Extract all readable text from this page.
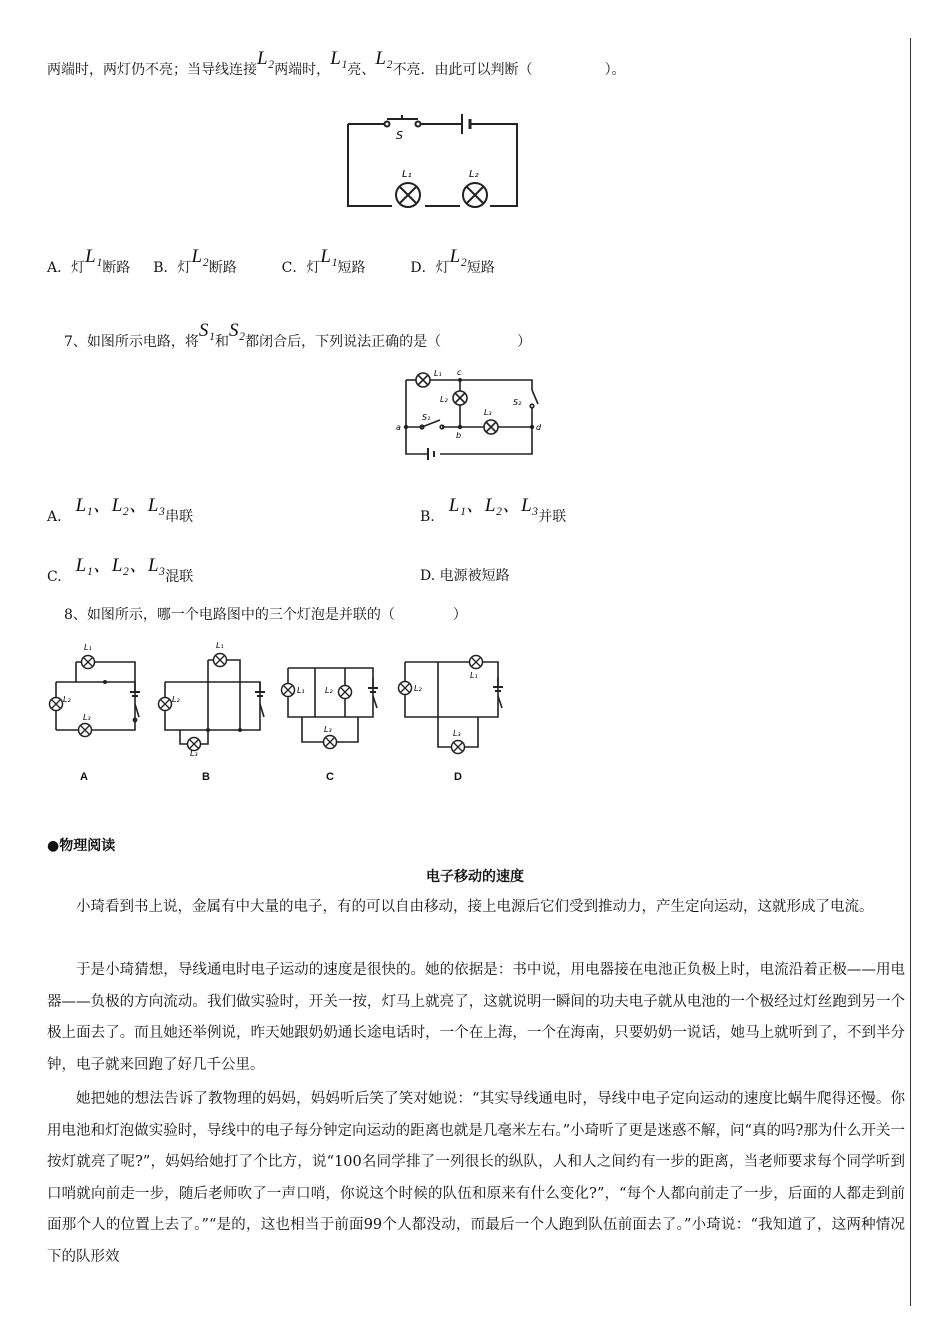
两端时，两灯仍不亮；当导线连接L₂两端时，L₁亮、L₂不亮．由此可以判断（	）。
S
L₁	L₂
A．灯L₁断路 B．灯L₂断路	C．灯L₁短路	D．灯L₂短路
7、如图所示电路，将S₁和S₂都闭合后，下列说法正确的是（	）
L₁ c
L₂
L₃
S₁
S₂
a
b
d
A.L₁、L₂、L₃串联	B.L₁、L₂、L₃并联
C.L₁、L₂、L₃混联	D. 电源被短路
8、如图所示，哪一个电路图中的三个灯泡是并联的（	）
L₁
L₂
L₃
A
L₁
L₂
L₃
B
L₁	L₂
L₃
C
L₁
L₂
L₃
D
●物理阅读
电子移动的速度
小琦看到书上说，金属有中大量的电子，有的可以自由移动，接上电源后它们受到推动力，产生定向运动，这就形成了电流。
于是小琦猜想，导线通电时电子运动的速度是很快的。她的依据是：书中说，用电器接在电池正负极上时，电流沿着正极——用电器——负极的方向流动。我们做实验时，开关一按，灯马上就亮了，这就说明一瞬间的功夫电子就从电池的一个极经过灯丝跑到另一个极上面去了。而且她还举例说，昨天她跟奶奶通长途电话时，一个在上海，一个在海南，只要奶奶一说话，她马上就听到了，不到半分钟，电子就来回跑了好几千公里。
她把她的想法告诉了教物理的妈妈，妈妈听后笑了笑对她说：“其实导线通电时，导线中电子定向运动的速度比蜗牛爬得还慢。你用电池和灯泡做实验时，导线中的电子每分钟定向运动的距离也就是几毫米左右。”小琦听了更是迷惑不解，问“真的吗?那为什么开关一按灯就亮了呢?”，妈妈给她打了个比方，说“100名同学排了一列很长的纵队，人和人之间约有一步的距离，当老师要求每个同学听到口哨就向前走一步，随后老师吹了一声口哨，你说这个时候的队伍和原来有什么变化?”，“每个人都向前走了一步，后面的人都走到前面那个人的位置上去了。”“是的，这也相当于前面99个人都没动，而最后一个人跑到队伍前面去了。”小琦说：“我知道了，这两种情况下的队形效
